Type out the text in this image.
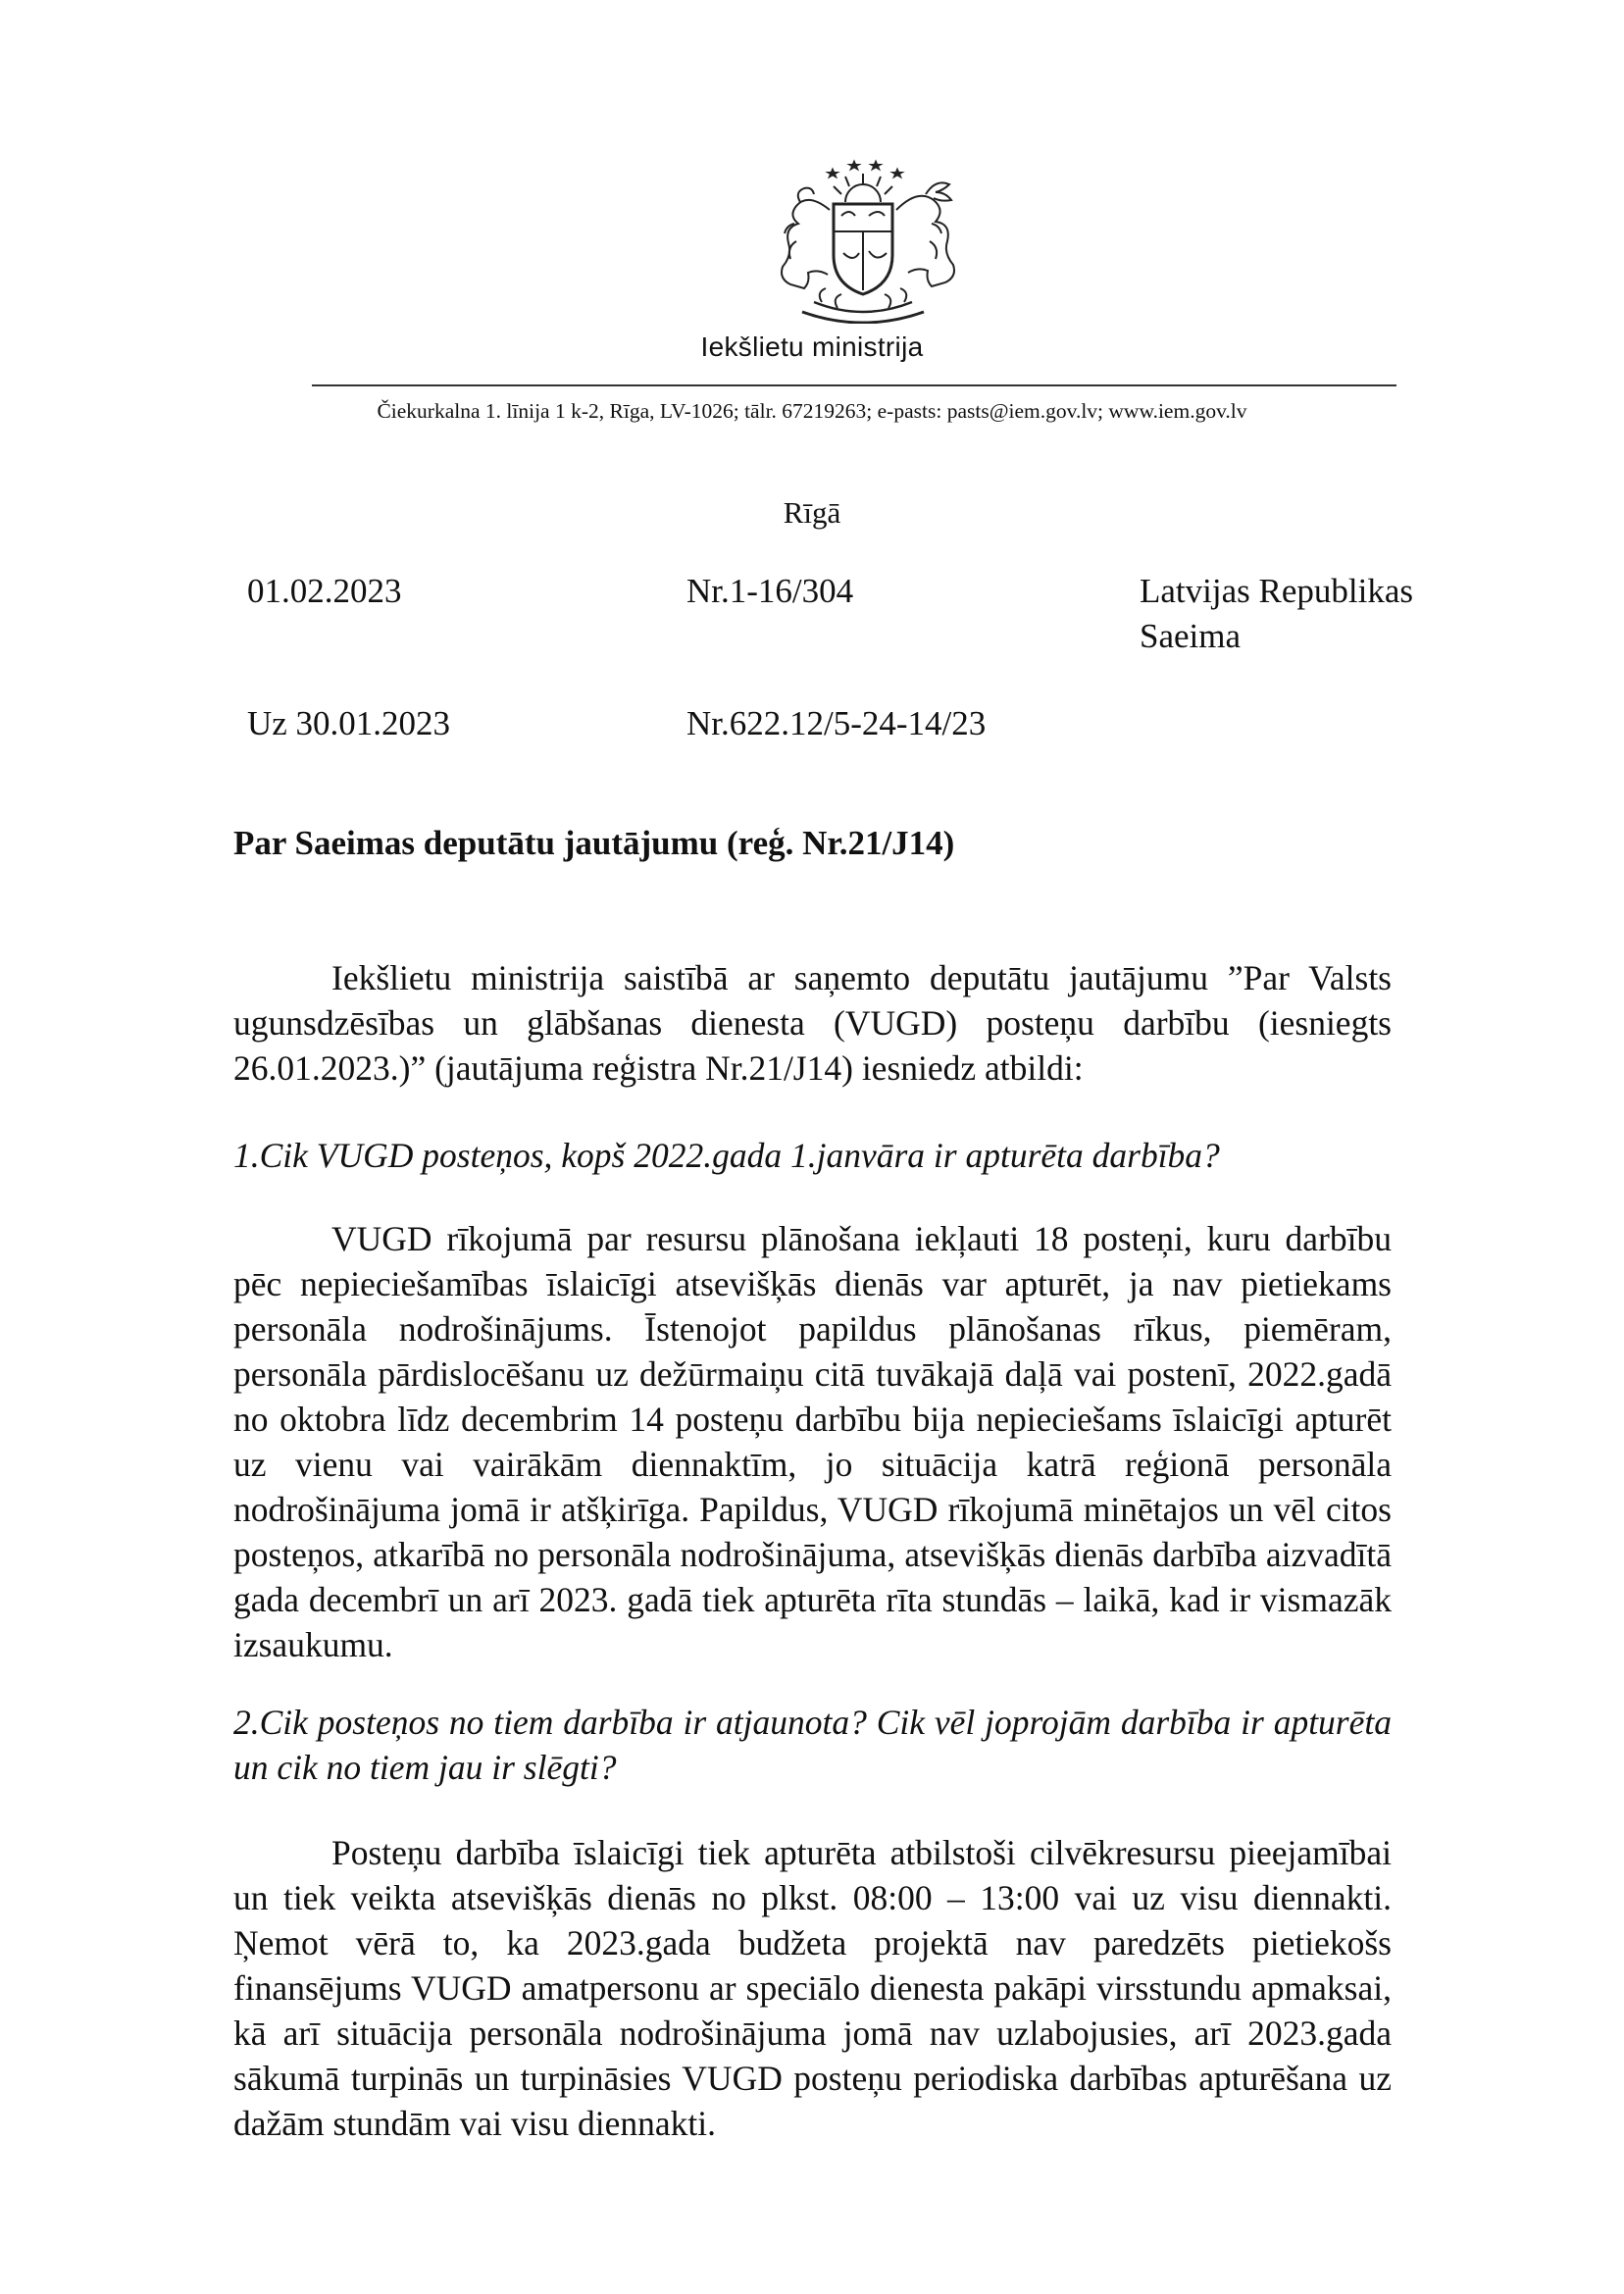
Iekšlietu ministrija
Čiekurkalna 1. līnija 1 k-2, Rīga, LV-1026; tālr. 67219263; e-pasts: pasts@iem.gov.lv; www.iem.gov.lv
Rīgā
01.02.2023	Nr.1-16/304	Latvijas Republikas
Saeima
Uz 30.01.2023	Nr.622.12/5-24-14/23
Par Saeimas deputātu jautājumu (reģ. Nr.21/J14)
Iekšlietu ministrija saistībā ar saņemto deputātu jautājumu ”Par Valsts ugunsdzēsības un glābšanas dienesta (VUGD) posteņu darbību (iesniegts 26.01.2023.)” (jautājuma reģistra Nr.21/J14) iesniedz atbildi:
1.Cik VUGD posteņos, kopš 2022.gada 1.janvāra ir apturēta darbība?
VUGD rīkojumā par resursu plānošana iekļauti 18 posteņi, kuru darbību pēc nepieciešamības īslaicīgi atsevišķās dienās var apturēt, ja nav pietiekams personāla nodrošinājums. Īstenojot papildus plānošanas rīkus, piemēram, personāla pārdislocēšanu uz dežūrmaiņu citā tuvākajā daļā vai postenī, 2022.gadā no oktobra līdz decembrim 14 posteņu darbību bija nepieciešams īslaicīgi apturēt uz vienu vai vairākām diennaktīm, jo situācija katrā reģionā personāla nodrošinājuma jomā ir atšķirīga. Papildus, VUGD rīkojumā minētajos un vēl citos posteņos, atkarībā no personāla nodrošinājuma, atsevišķās dienās darbība aizvadītā gada decembrī un arī 2023. gadā tiek apturēta rīta stundās – laikā, kad ir vismazāk izsaukumu.
2.Cik posteņos no tiem darbība ir atjaunota? Cik vēl joprojām darbība ir apturēta un cik no tiem jau ir slēgti?
Posteņu darbība īslaicīgi tiek apturēta atbilstoši cilvēkresursu pieejamībai un tiek veikta atsevišķās dienās no plkst. 08:00 – 13:00 vai uz visu diennakti. Ņemot vērā to, ka 2023.gada budžeta projektā nav paredzēts pietiekošs finansējums VUGD amatpersonu ar speciālo dienesta pakāpi virsstundu apmaksai, kā arī situācija personāla nodrošinājuma jomā nav uzlabojusies, arī 2023.gada sākumā turpinās un turpināsies VUGD posteņu periodiska darbības apturēšana uz dažām stundām vai visu diennakti.
